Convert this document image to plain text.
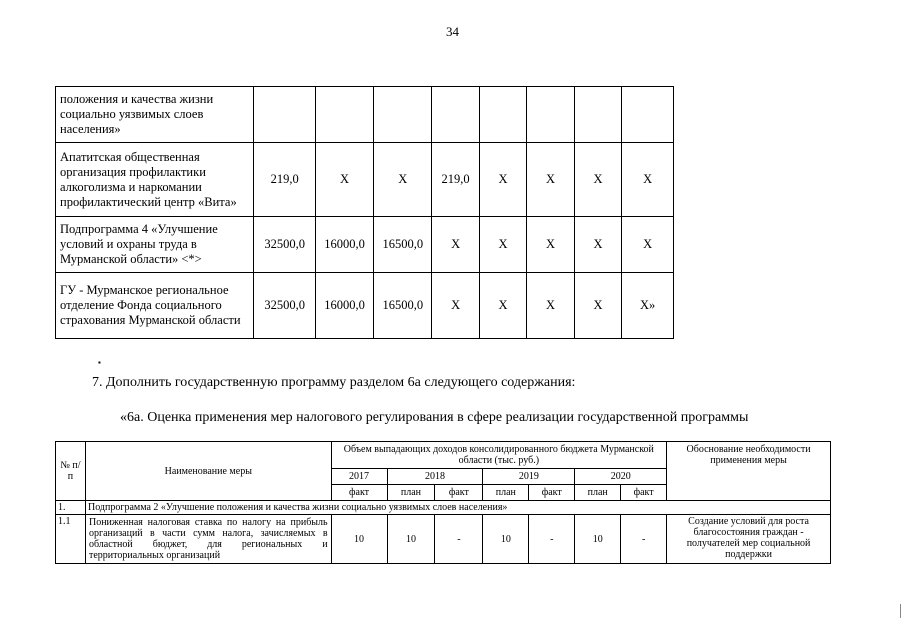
34
положения и качества жизни социально уязвимых слоев населения»								
Апатитская общественная организация профилактики алкоголизма и наркомании профилактический центр «Вита»	219,0	X	X	219,0	X	X	X	X
Подпрограмма 4 «Улучшение условий и охраны труда в Мурманской области» <*>	32500,0	16000,0	16500,0	X	X	X	X	X
ГУ - Мурманское региональное отделение Фонда социального страхования Мурманской области	32500,0	16000,0	16500,0	X	X	X	X	X»
▪
7. Дополнить государственную программу разделом 6а следующего содержания:
«6а. Оценка применения мер налогового регулирования в сфере реализации государственной программы
№ п/п	Наименование меры	Объем выпадающих доходов консолидированного бюджета Мурманской области (тыс. руб.)							Обоснование необходимости применения меры
		2017	2018		2019		2020		
		факт	план	факт	план	факт	план	факт	
1.	Подпрограмма 2 «Улучшение положения и качества жизни социально уязвимых слоев населения»								
1.1	Пониженная налоговая ставка по налогу на прибыль организаций в части сумм налога, зачисляемых в областной бюджет, для региональных и территориальных организаций	10	10	-	10	-	10	-	Создание условий для роста благосостояния граждан - получателей мер социальной поддержки
